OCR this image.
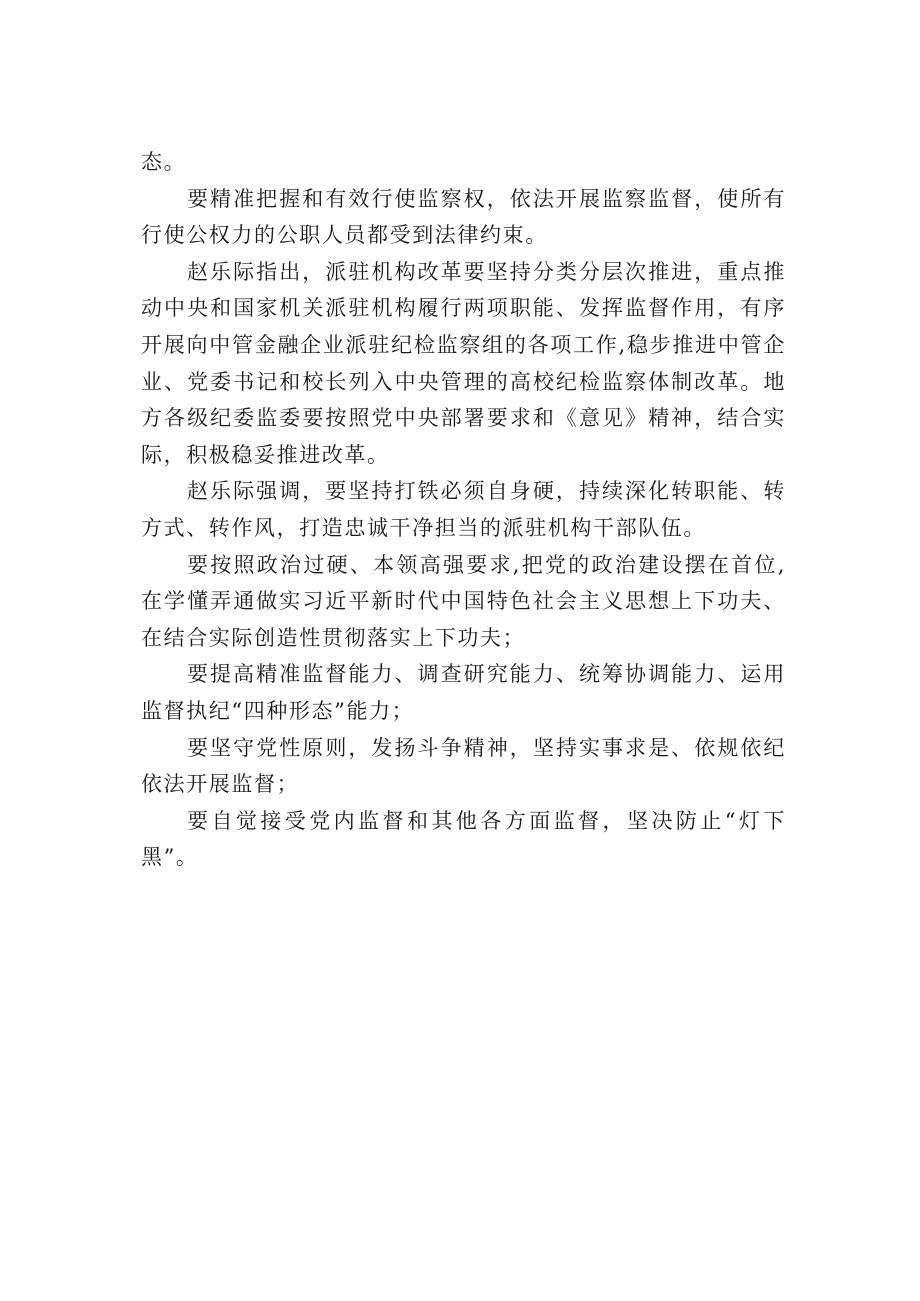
态。

要精准把握和有效行使监察权，依法开展监察监督，使所有行使公权力的公职人员都受到法律约束。

赵乐际指出，派驻机构改革要坚持分类分层次推进，重点推动中央和国家机关派驻机构履行两项职能、发挥监督作用，有序开展向中管金融企业派驻纪检监察组的各项工作,稳步推进中管企业、党委书记和校长列入中央管理的高校纪检监察体制改革。地方各级纪委监委要按照党中央部署要求和《意见》精神，结合实际，积极稳妥推进改革。

赵乐际强调，要坚持打铁必须自身硬，持续深化转职能、转方式、转作风，打造忠诚干净担当的派驻机构干部队伍。

要按照政治过硬、本领高强要求,把党的政治建设摆在首位,在学懂弄通做实习近平新时代中国特色社会主义思想上下功夫、在结合实际创造性贯彻落实上下功夫；

要提高精准监督能力、调查研究能力、统筹协调能力、运用监督执纪“四种形态”能力；

要坚守党性原则，发扬斗争精神，坚持实事求是、依规依纪依法开展监督；

要自觉接受党内监督和其他各方面监督，坚决防止“灯下黑”。
